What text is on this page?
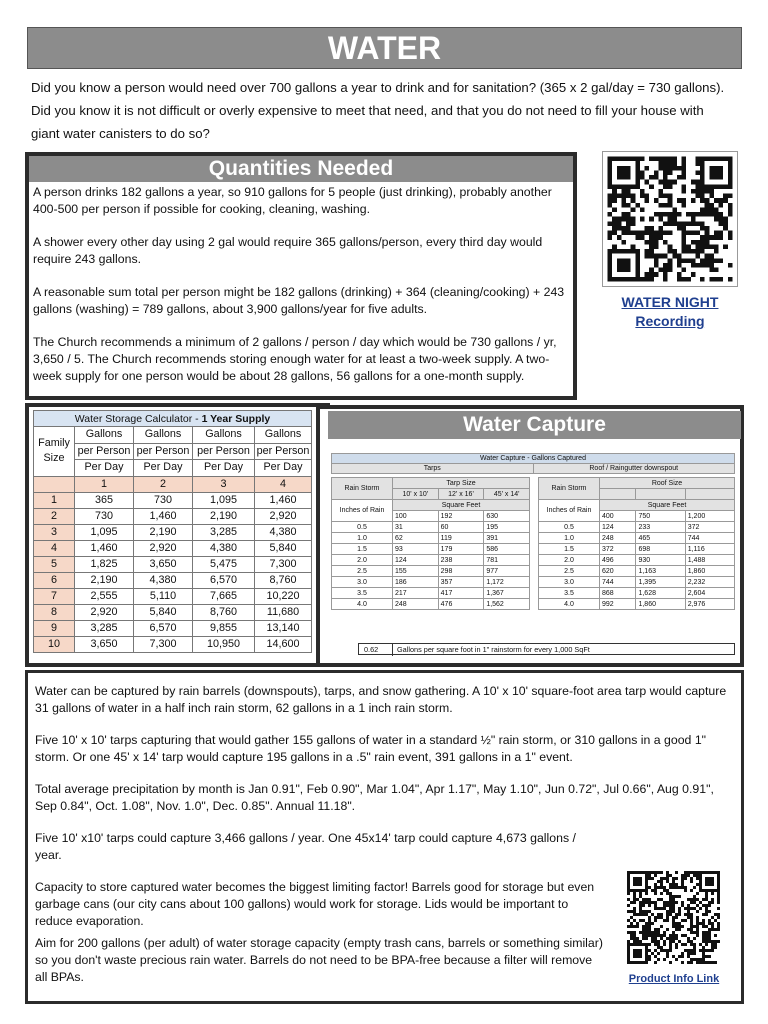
WATER
Did you know a person would need over 700 gallons a year to drink and for sanitation? (365 x 2 gal/day = 730 gallons). Did you know it is not difficult or overly expensive to meet that need, and that you do not need to fill your house with giant water canisters to do so?
Quantities Needed

A person drinks 182 gallons a year, so 910 gallons for 5 people (just drinking), probably another 400-500 per person if possible for cooking, cleaning, washing.

A shower every other day using 2 gal would require 365 gallons/person, every third day would require 243 gallons.

A reasonable sum total per person might be 182 gallons (drinking) + 364 (cleaning/cooking) + 243 gallons (washing) = 789 gallons, about 3,900 gallons/year for five adults.

The Church recommends a minimum of 2 gallons / person / day which would be 730 gallons / yr, 3,650 / 5. The Church recommends storing enough water for at least a two-week supply. A two-week supply for one person would be about 28 gallons, 56 gallons for a one-month supply.

WATER NIGHT
Recording
Water Storage Calculator - 1 Year Supply				

Family
Size	Gallons	Gallons	Gallons	Gallons
	per Person	per Person	per Person	per Person
	Per Day	Per Day	Per Day	Per Day
	1	2	3	4
1	365	730	1,095	1,460
2	730	1,460	2,190	2,920
3	1,095	2,190	3,285	4,380
4	1,460	2,920	4,380	5,840
5	1,825	3,650	5,475	7,300
6	2,190	4,380	6,570	8,760
7	2,555	5,110	7,665	10,220
8	2,920	5,840	8,760	11,680
9	3,285	6,570	9,855	13,140
10	3,650	7,300	10,950	14,600
Water Capture
Water Capture - Gallons Captured
Tarps	Roof / Raingutter downspout
Rain Storm	Tarp Size		
	10' x 10'	12' x 16'	45' x 14'
Inches of Rain	Square Feet		
	100	192	630
0.5	31	60	195
1.0	62	119	391
1.5	93	179	586
2.0	124	238	781
2.5	155	298	977
3.0	186	357	1,172
3.5	217	417	1,367
4.0	248	476	1,562
Rain Storm	Roof Size		

Inches of Rain	Square Feet		
	400	750	1,200
0.5	124	233	372
1.0	248	465	744
1.5	372	698	1,116
2.0	496	930	1,488
2.5	620	1,163	1,860
3.0	744	1,395	2,232
3.5	868	1,628	2,604
4.0	992	1,860	2,976
0.62	Gallons per square foot in 1" rainstorm for every 1,000 SqFt

Water can be captured by rain barrels (downspouts), tarps, and snow gathering. A 10' x 10' square-foot area tarp would capture 31 gallons of water in a half inch rain storm, 62 gallons in a 1 inch rain storm.

Five 10' x 10' tarps capturing that would gather 155 gallons of water in a standard ½" rain storm, or 310 gallons in a good 1" storm. Or one 45' x 14' tarp would capture 195 gallons in a .5" rain event, 391 gallons in a 1" event.

Total average precipitation by month is Jan 0.91", Feb 0.90", Mar 1.04", Apr 1.17", May 1.10", Jun 0.72", Jul 0.66", Aug 0.91", Sep 0.84", Oct. 1.08", Nov. 1.0", Dec. 0.85". Annual 11.18".

Five 10' x10' tarps could capture 3,466 gallons / year. One 45x14' tarp could capture 4,673 gallons / year.

Capacity to store captured water becomes the biggest limiting factor! Barrels good for storage but even garbage cans (our city cans about 100 gallons) would work for storage. Lids would be important to reduce evaporation.

Aim for 200 gallons (per adult) of water storage capacity (empty trash cans, barrels or something similar) so you don't waste precious rain water. Barrels do not need to be BPA-free because a filter will remove all BPAs.	Product Info Link
